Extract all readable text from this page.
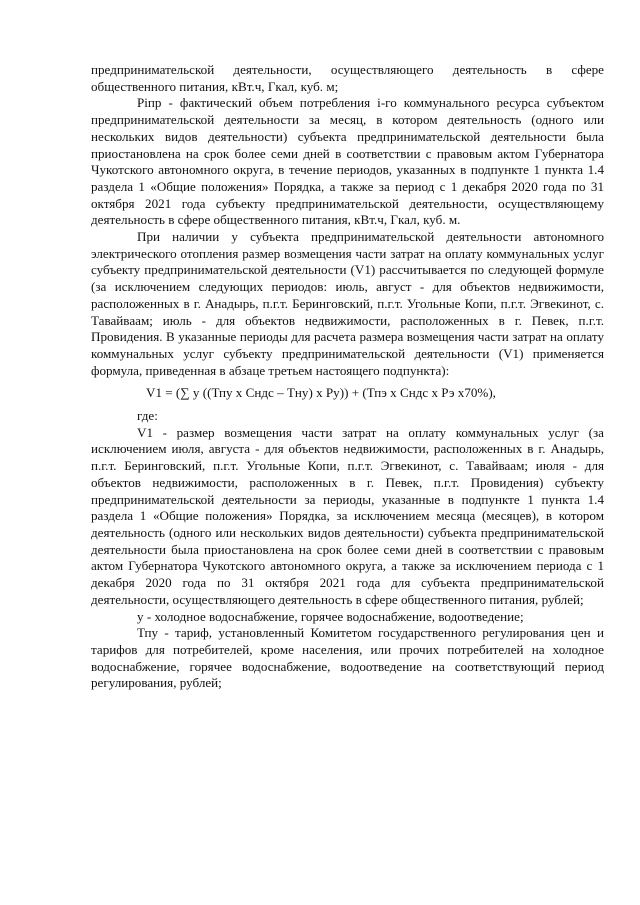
предпринимательской деятельности, осуществляющего деятельность в сфере общественного питания, кВт.ч, Гкал, куб. м;

Piпр - фактический объем потребления i-го коммунального ресурса субъектом предпринимательской деятельности за месяц, в котором деятельность (одного или нескольких видов деятельности) субъекта предпринимательской деятельности была приостановлена на срок более семи дней в соответствии с правовым актом Губернатора Чукотского автономного округа, в течение периодов, указанных в подпункте 1 пункта 1.4 раздела 1 «Общие положения» Порядка, а также за период с 1 декабря 2020 года по 31 октября 2021 года субъекту предпринимательской деятельности, осуществляющему деятельность в сфере общественного питания, кВт.ч, Гкал, куб. м.

При наличии у субъекта предпринимательской деятельности автономного электрического отопления размер возмещения части затрат на оплату коммунальных услуг субъекту предпринимательской деятельности (V1) рассчитывается по следующей формуле (за исключением следующих периодов: июль, август - для объектов недвижимости, расположенных в г. Анадырь, п.г.т. Беринговский, п.г.т. Угольные Копи, п.г.т. Эгвекинот, с. Тавайваам; июль - для объектов недвижимости, расположенных в г. Певек, п.г.т. Провидения. В указанные периоды для расчета размера возмещения части затрат на оплату коммунальных услуг субъекту предпринимательской деятельности (V1) применяется формула, приведенная в абзаце третьем настоящего подпункта):

V1 = (∑ y ((Тпу x Сндс – Тну) x Py)) + (Тпэ x Сндс x Рэ x70%),

где:

V1 - размер возмещения части затрат на оплату коммунальных услуг (за исключением июля, августа - для объектов недвижимости, расположенных в г. Анадырь, п.г.т. Беринговский, п.г.т. Угольные Копи, п.г.т. Эгвекинот, с. Тавайваам; июля - для объектов недвижимости, расположенных в г. Певек, п.г.т. Провидения) субъекту предпринимательской деятельности за периоды, указанные в подпункте 1 пункта 1.4 раздела 1 «Общие положения» Порядка, за исключением месяца (месяцев), в котором деятельность (одного или нескольких видов деятельности) субъекта предпринимательской деятельности была приостановлена на срок более семи дней в соответствии с правовым актом Губернатора Чукотского автономного округа, а также за исключением периода с 1 декабря 2020 года по 31 октября 2021 года для субъекта предпринимательской деятельности, осуществляющего деятельность в сфере общественного питания, рублей;

y - холодное водоснабжение, горячее водоснабжение, водоотведение;

Тпу - тариф, установленный Комитетом государственного регулирования цен и тарифов для потребителей, кроме населения, или прочих потребителей на холодное водоснабжение, горячее водоснабжение, водоотведение на соответствующий период регулирования, рублей;
